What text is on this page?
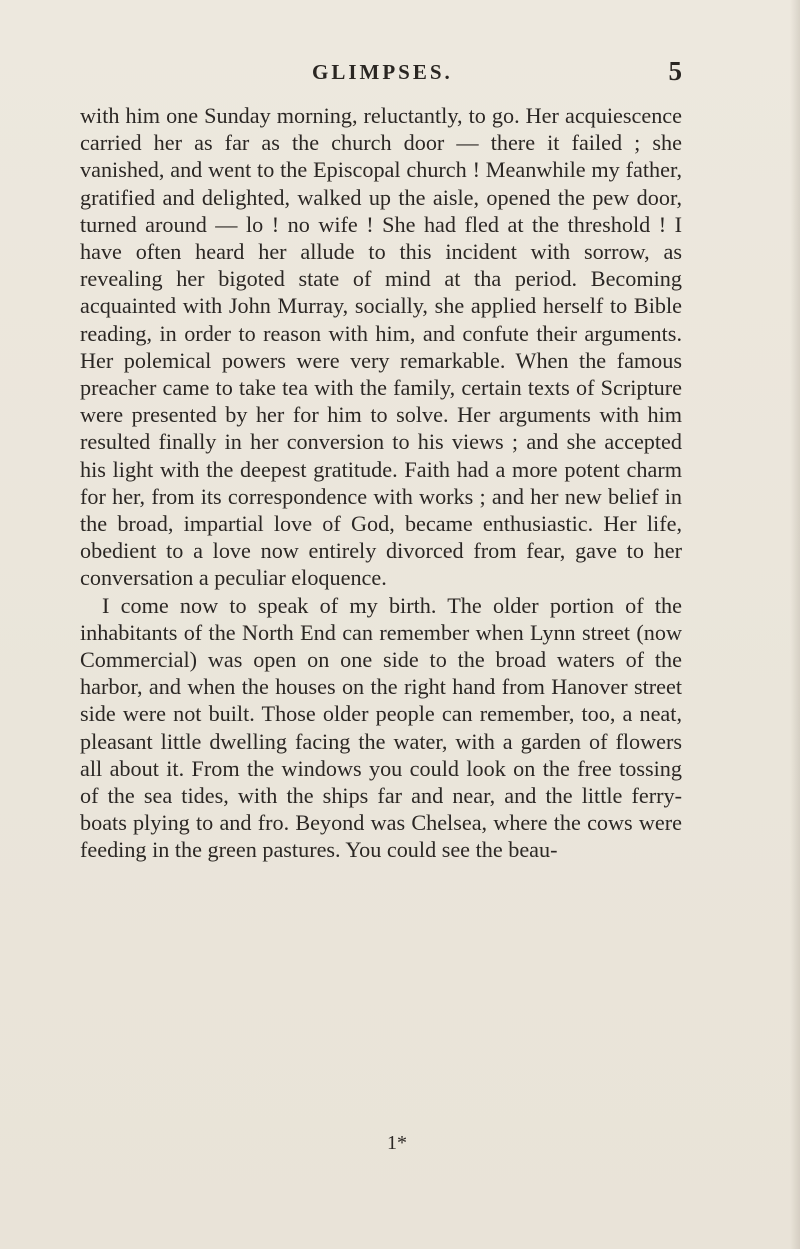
GLIMPSES.	5

with him one Sunday morning, reluctantly, to go. Her acquiescence carried her as far as the church door — there it failed ; she vanished, and went to the Episcopal church ! Meanwhile my father, gratified and delighted, walked up the aisle, opened the pew door, turned around — lo ! no wife ! She had fled at the threshold ! I have often heard her allude to this incident with sorrow, as revealing her bigoted state of mind at tha period. Becoming acquainted with John Murray, socially, she applied herself to Bible reading, in order to reason with him, and confute their arguments. Her polemical powers were very remarkable. When the famous preacher came to take tea with the family, certain texts of Scripture were presented by her for him to solve. Her arguments with him resulted finally in her conversion to his views ; and she accepted his light with the deepest gratitude. Faith had a more potent charm for her, from its correspondence with works ; and her new belief in the broad, impartial love of God, became enthusiastic. Her life, obedient to a love now entirely divorced from fear, gave to her conversation a peculiar eloquence.

I come now to speak of my birth. The older portion of the inhabitants of the North End can remember when Lynn street (now Commercial) was open on one side to the broad waters of the harbor, and when the houses on the right hand from Hanover street side were not built. Those older people can remember, too, a neat, pleasant little dwelling facing the water, with a garden of flowers all about it. From the windows you could look on the free tossing of the sea tides, with the ships far and near, and the little ferry-boats plying to and fro. Beyond was Chelsea, where the cows were feeding in the green pastures. You could see the beau-

1*
